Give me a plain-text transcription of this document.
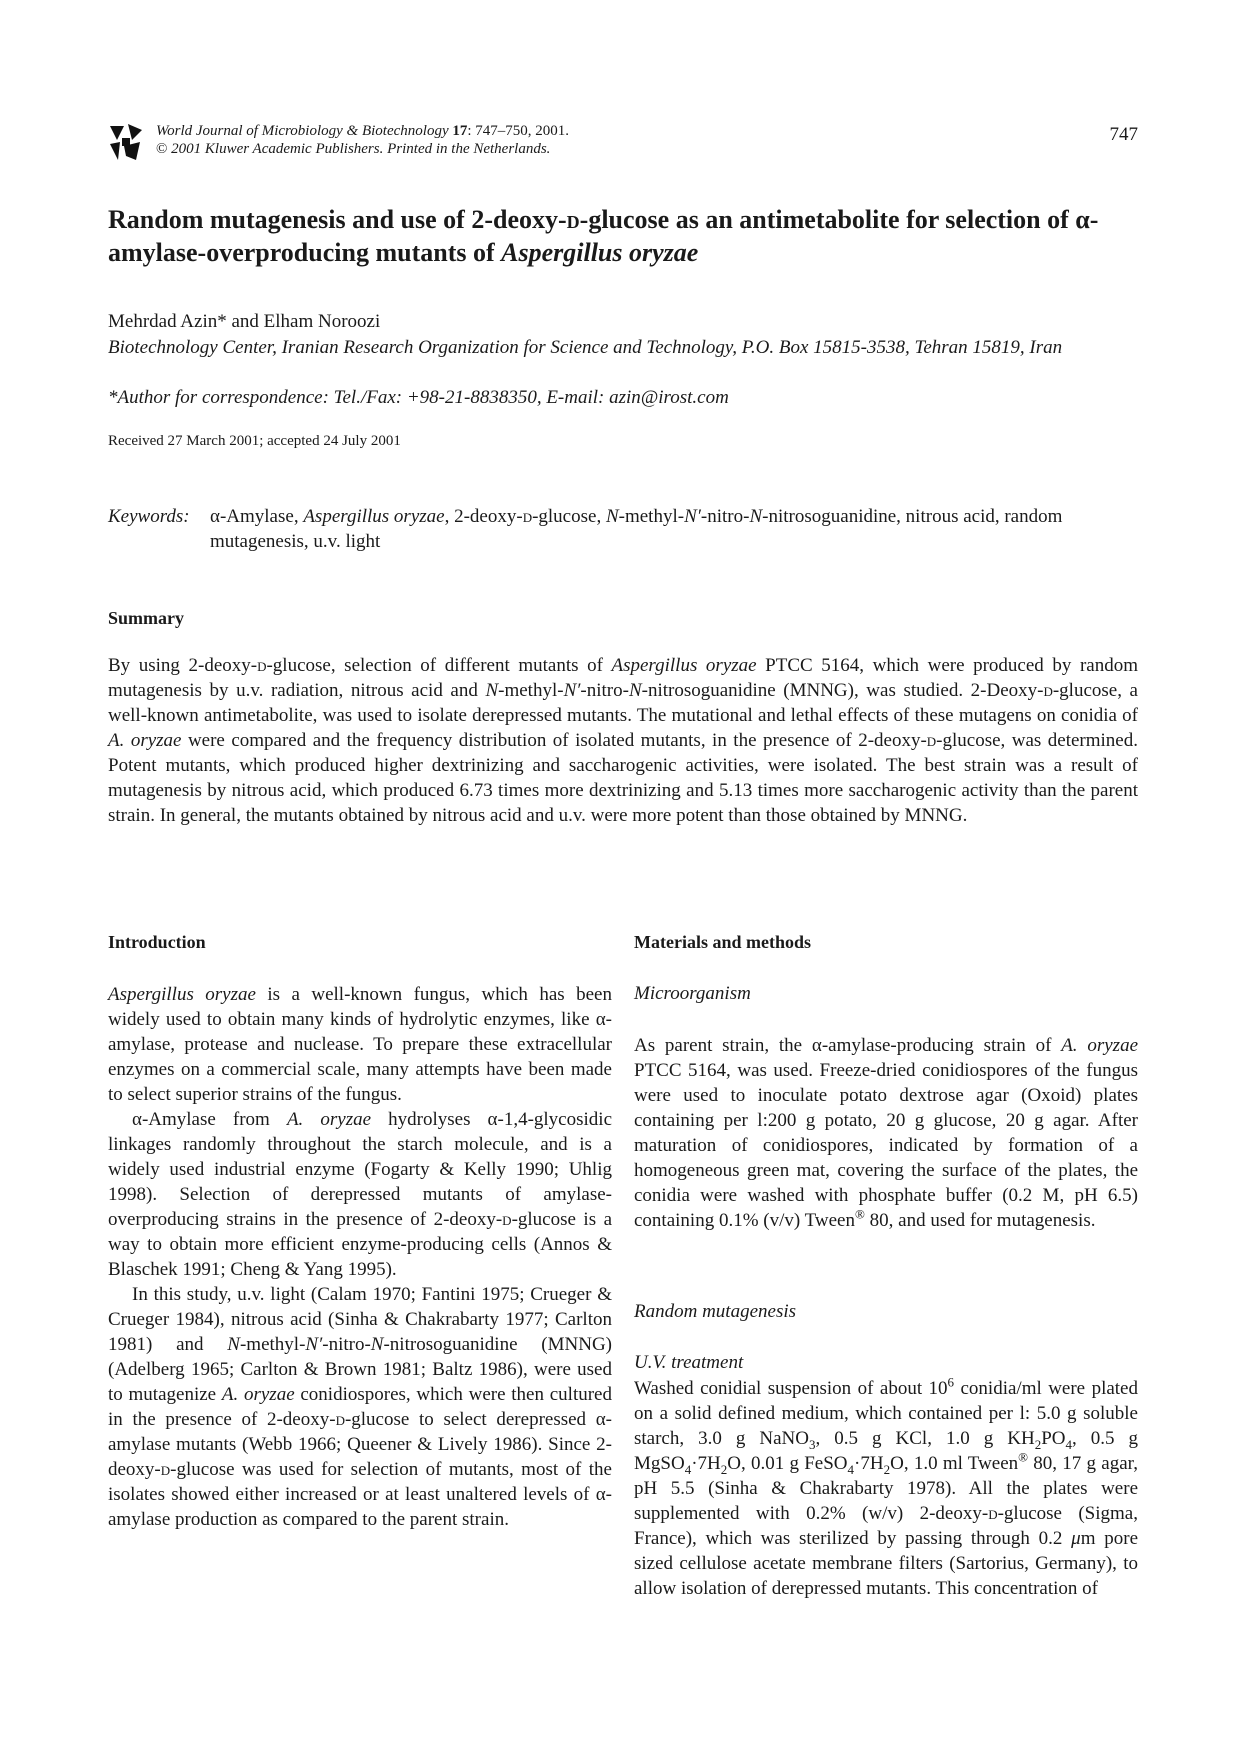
World Journal of Microbiology & Biotechnology 17: 747–750, 2001.
© 2001 Kluwer Academic Publishers. Printed in the Netherlands.
747
Random mutagenesis and use of 2-deoxy-d-glucose as an antimetabolite for selection of α-amylase-overproducing mutants of Aspergillus oryzae
Mehrdad Azin* and Elham Noroozi
Biotechnology Center, Iranian Research Organization for Science and Technology, P.O. Box 15815-3538, Tehran 15819, Iran
*Author for correspondence: Tel./Fax: +98-21-8838350, E-mail: azin@irost.com
Received 27 March 2001; accepted 24 July 2001
Keywords: α-Amylase, Aspergillus oryzae, 2-deoxy-d-glucose, N-methyl-N′-nitro-N-nitrosoguanidine, nitrous acid, random mutagenesis, u.v. light
Summary

By using 2-deoxy-d-glucose, selection of different mutants of Aspergillus oryzae PTCC 5164, which were produced by random mutagenesis by u.v. radiation, nitrous acid and N-methyl-N′-nitro-N-nitrosoguanidine (MNNG), was studied. 2-Deoxy-d-glucose, a well-known antimetabolite, was used to isolate derepressed mutants. The mutational and lethal effects of these mutagens on conidia of A. oryzae were compared and the frequency distribution of isolated mutants, in the presence of 2-deoxy-d-glucose, was determined. Potent mutants, which produced higher dextrinizing and saccharogenic activities, were isolated. The best strain was a result of mutagenesis by nitrous acid, which produced 6.73 times more dextrinizing and 5.13 times more saccharogenic activity than the parent strain. In general, the mutants obtained by nitrous acid and u.v. were more potent than those obtained by MNNG.

Introduction

Aspergillus oryzae is a well-known fungus, which has been widely used to obtain many kinds of hydrolytic enzymes, like α-amylase, protease and nuclease. To prepare these extracellular enzymes on a commercial scale, many attempts have been made to select superior strains of the fungus.

α-Amylase from A. oryzae hydrolyses α-1,4-glycosidic linkages randomly throughout the starch molecule, and is a widely used industrial enzyme (Fogarty & Kelly 1990; Uhlig 1998). Selection of derepressed mutants of amylase-overproducing strains in the presence of 2-deoxy-d-glucose is a way to obtain more efficient enzyme-producing cells (Annos & Blaschek 1991; Cheng & Yang 1995).

In this study, u.v. light (Calam 1970; Fantini 1975; Crueger & Crueger 1984), nitrous acid (Sinha & Chakrabarty 1977; Carlton 1981) and N-methyl-N′-nitro-N-nitrosoguanidine (MNNG) (Adelberg 1965; Carlton & Brown 1981; Baltz 1986), were used to mutagenize A. oryzae conidiospores, which were then cultured in the presence of 2-deoxy-d-glucose to select derepressed α-amylase mutants (Webb 1966; Queener & Lively 1986). Since 2-deoxy-d-glucose was used for selection of mutants, most of the isolates showed either increased or at least unaltered levels of α-amylase production as compared to the parent strain.

Materials and methods
Microorganism

As parent strain, the α-amylase-producing strain of A. oryzae PTCC 5164, was used. Freeze-dried conidiospores of the fungus were used to inoculate potato dextrose agar (Oxoid) plates containing per l:200 g potato, 20 g glucose, 20 g agar. After maturation of conidiospores, indicated by formation of a homogeneous green mat, covering the surface of the plates, the conidia were washed with phosphate buffer (0.2 M, pH 6.5) containing 0.1% (v/v) Tween® 80, and used for mutagenesis.

Random mutagenesis
U.V. treatment

Washed conidial suspension of about $10^6$ conidia/ml were plated on a solid defined medium, which contained per l: 5.0 g soluble starch, 3.0 g NaNO$_3$, 0.5 g KCl, 1.0 g $KH_2PO_4$, 0.5 g $MgSO_4\cdot 7H_2O$, 0.01 g $FeSO_4\cdot 7H_2O$, 1.0 ml Tween® 80, 17 g agar, pH 5.5 (Sinha & Chakrabarty 1978). All the plates were supplemented with 0.2% (w/v) 2-deoxy-d-glucose (Sigma, France), which was sterilized by passing through 0.2 μm pore sized cellulose acetate membrane filters (Sartorius, Germany), to allow isolation of derepressed mutants. This concentration of
